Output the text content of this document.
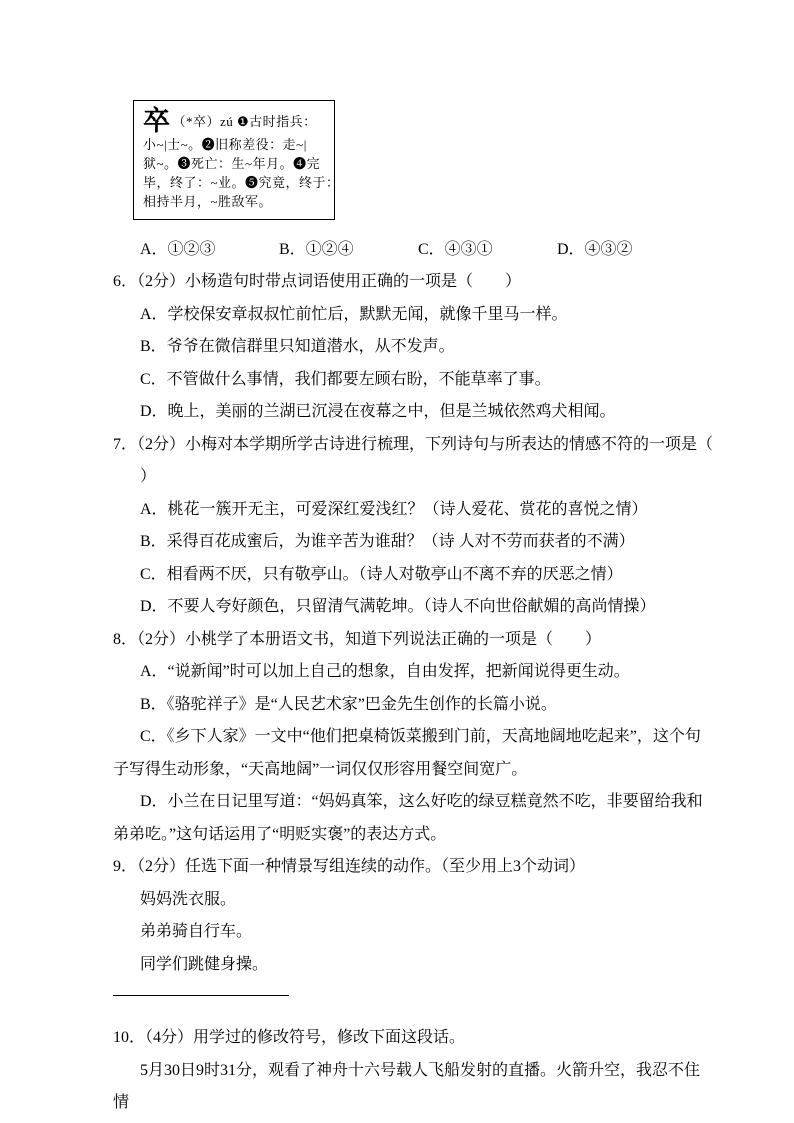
卒 （*卒）zú ❶古时指兵：
小~|士~。❷旧称差役：走~|
狱~。❸死亡：生~年月。❹完
毕，终了：~业。❺究竟，终于：
相持半月，~胜敌军。
A．①②③	B．①②④	C．④③①	D．④③②

6．（2分）小杨造句时带点词语使用正确的一项是（　　）

A．学校保安章叔叔忙前忙后，默默无闻，就像千里马一样。

B．爷爷在微信群里只知道潜水，从不发声。

C．不管做什么事情，我们都要左顾右盼，不能草率了事。

D．晚上，美丽的兰湖已沉浸在夜幕之中，但是兰城依然鸡犬相闻。

7．（2分）小梅对本学期所学古诗进行梳理，下列诗句与所表达的情感不符的一项是（

）

A．桃花一簇开无主，可爱深红爱浅红？（诗人爱花、赏花的喜悦之情）

B．采得百花成蜜后，为谁辛苦为谁甜？（诗 人对不劳而获者的不满）

C．相看两不厌，只有敬亭山。（诗人对敬亭山不离不弃的厌恶之情）

D．不要人夸好颜色，只留清气满乾坤。（诗人不向世俗献媚的高尚情操）

8．（2分）小桃学了本册语文书，知道下列说法正确的一项是（　　）

A．“说新闻”时可以加上自己的想象，自由发挥，把新闻说得更生动。

B．《骆驼祥子》是“人民艺术家”巴金先生创作的长篇小说。

C．《乡下人家》一文中“他们把桌椅饭菜搬到门前，天高地阔地吃起来”，这个句子写得生动形象，“天高地阔”一词仅仅形容用餐空间宽广。

D．小兰在日记里写道：“妈妈真笨，这么好吃的绿豆糕竟然不吃，非要留给我和弟弟吃。”这句话运用了“明贬实褒”的表达方式。

9．（2分）任选下面一种情景写组连续的动作。（至少用上3个动词）

妈妈洗衣服。

弟弟骑自行车。

同学们跳健身操。

10．（4分）用学过的修改符号，修改下面这段话。

5月30日9时31分，观看了神舟十六号载人飞船发射的直播。火箭升空，我忍不住情
